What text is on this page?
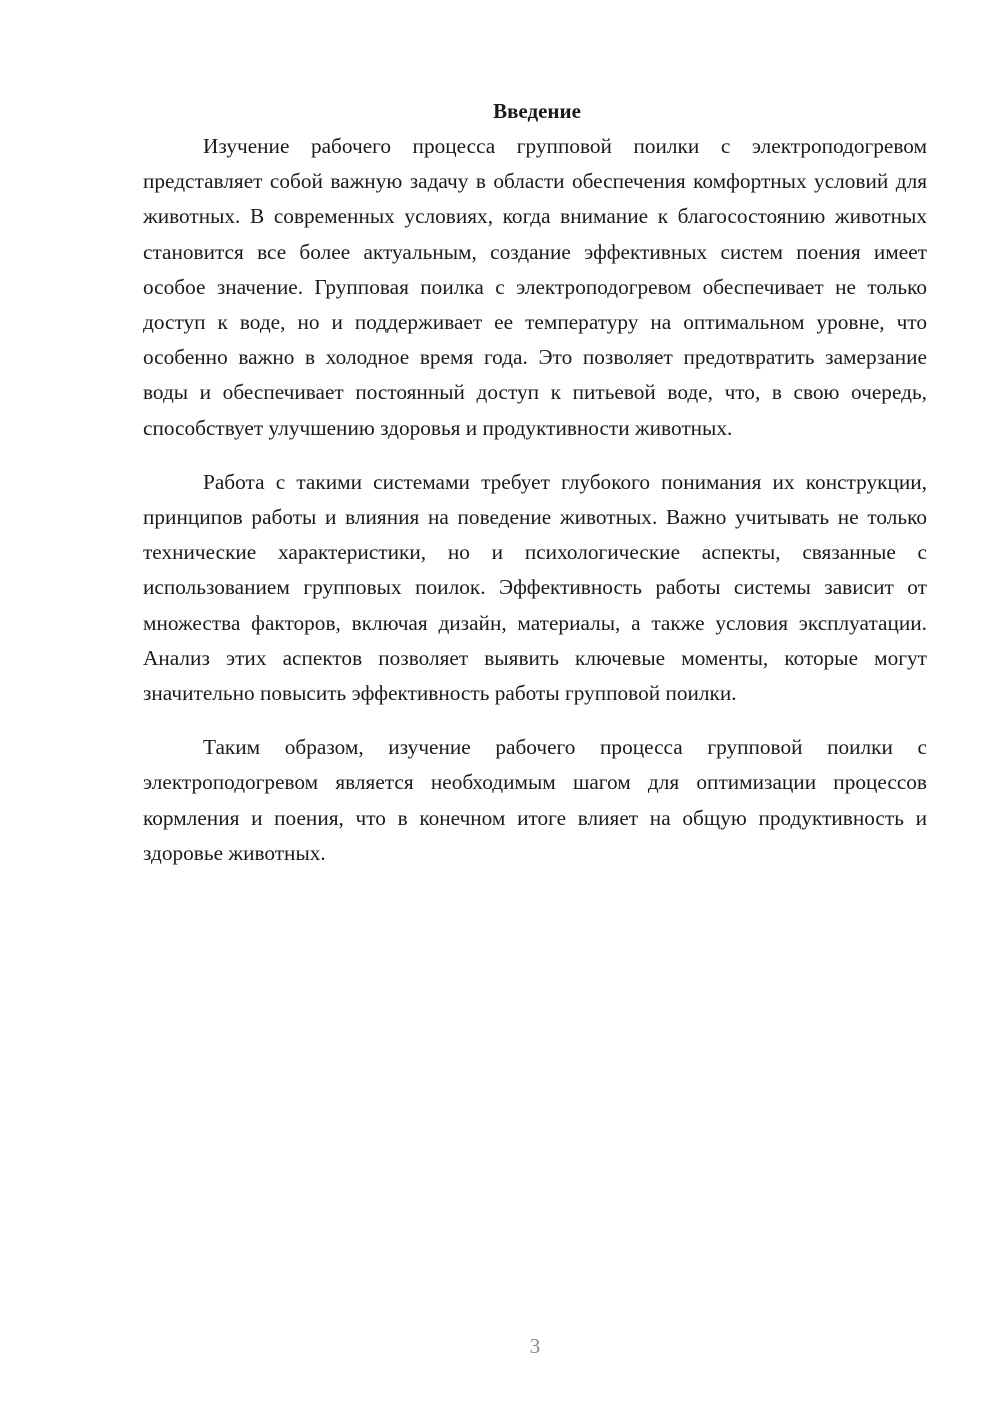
Введение

Изучение рабочего процесса групповой поилки с электроподогревом представляет собой важную задачу в области обеспечения комфортных условий для животных. В современных условиях, когда внимание к благосостоянию животных становится все более актуальным, создание эффективных систем поения имеет особое значение. Групповая поилка с электроподогревом обеспечивает не только доступ к воде, но и поддерживает ее температуру на оптимальном уровне, что особенно важно в холодное время года. Это позволяет предотвратить замерзание воды и обеспечивает постоянный доступ к питьевой воде, что, в свою очередь, способствует улучшению здоровья и продуктивности животных.

Работа с такими системами требует глубокого понимания их конструкции, принципов работы и влияния на поведение животных. Важно учитывать не только технические характеристики, но и психологические аспекты, связанные с использованием групповых поилок. Эффективность работы системы зависит от множества факторов, включая дизайн, материалы, а также условия эксплуатации. Анализ этих аспектов позволяет выявить ключевые моменты, которые могут значительно повысить эффективность работы групповой поилки.

Таким образом, изучение рабочего процесса групповой поилки с электроподогревом является необходимым шагом для оптимизации процессов кормления и поения, что в конечном итоге влияет на общую продуктивность и здоровье животных.

3
